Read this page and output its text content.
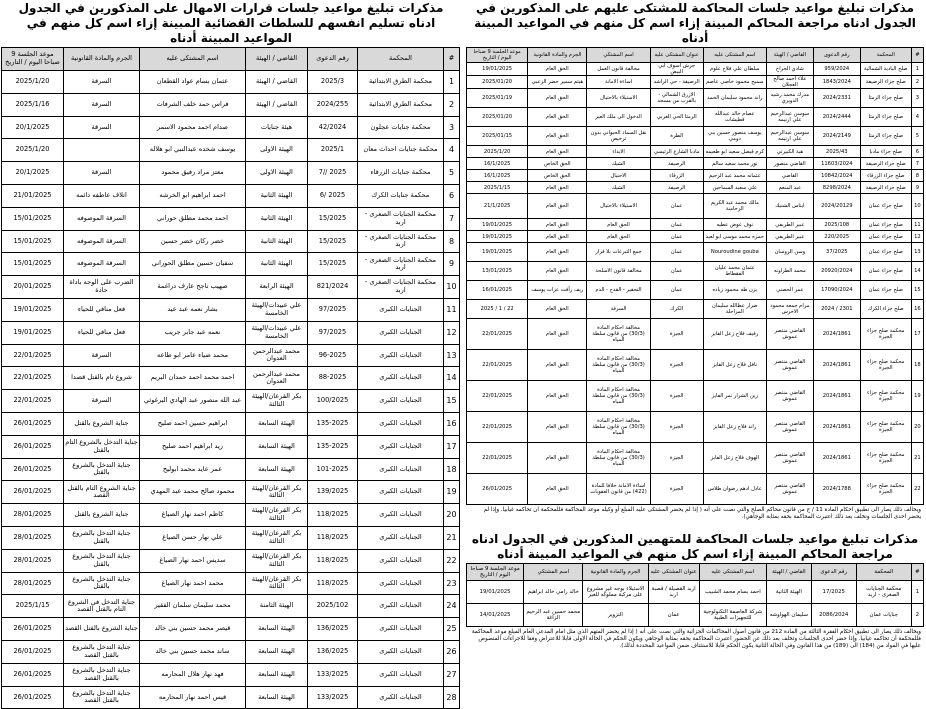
مذكرات تبليغ مواعيد جلسات قرارات الامهال على المذكورين في الجدول ادناه تسليم انفسهم للسلطات القضائية المبينة إزاء اسم كل منهم في المواعيد المبينة أدناه
#	المحكمة	رقم الدعوى	القاضي / الهيئة	اسم المشتكى عليه	الجرم والمادة القانونية	موعد الجلسة 9 صباحا اليوم / التاريخ
1	محكمة الطرق الابتدائية	2025/3	القاضي / الهيئة	عثمان بسام عواد القطعان	السرقة	2025/1/20
2	محكمة الطرق الابتدائية	2024/255	القاضي / الهيئة	فراس حمد خلف الشرفات	السرقة	2025/1/16
3	محكمة جنايات عجلون	42/2024	هيئة جنايات	صدام احمد محمود الاسمر	السرقة	20/1/2025
4	محكمة جنايات احداث معان	2025/1	الهيئة الاولى	يوسف شحده عبدالنبي ابو هلاله		2025/1/20
5	محكمة جنايات الزرقاء	2025 //7	الهيئة الاولى	معتز مراد رفيق محمود	السرقة	20/1/2025
6	محكمة جنايات الكرك	2025 /6	الهيئة الثانية	احمد ابراهيم ابو الخرشه	اتلاف عاطفه دائمه	21/01/2025
7	محكمة الجنايات الصغرى - اربد	15/2025	الهيئة الثانية	احمد محمد مطلق حوراني	السرقة الموصوفه	15/01/2025
8	محكمة الجنايات الصغرى - اربد	15/2025	الهيئة الثانية	خضر ركان خضر حسين	السرقة الموصوفه	15/01/2025
9	محكمة الجنايات الصغرى - اربد	15/2025	الهيئة الثانية	سفيان حسين مطلق الحوراني	السرقة الموصوفه	15/01/2025
10	محكمة الجنايات الصغرى - اربد	821/2024	الهيئة الرابعة	صهيب ناجح عارف دراغمة	الضرب على الوجه باداة حادة	20/01/2025
11	الجنايات الكبرى	97/2025	علي عبيدات/الهيئة الخامسة	بشار نعمه عبد عيد	فعل منافي للحياء	19/01/2025
12	الجنايات الكبرى	97/2025	علي عبيدات/الهيئة الخامسة	نعمه عبد جابر جريب	فعل منافي للحياء	19/01/2025
13	الجنايات الكبرى	96-2025	محمد عبدالرحمن العدوان	محمد ضياء عامر ابو طاعه	السرقة	22/01/2025
14	الجنايات الكبرى	88-2025	محمد عبدالرحمن العدوان	احمد محمد احمد حمدان البريم	شروع تام بالقتل قصدا	22/01/2025
15	الجنايات الكبرى	100/2025	بكر القرعان/الهيئة الثالثة	عبد الله منصور عبد الهادي البرغوثي	السرقة	22/01/2025
16	الجنايات الكبرى	135-2025	الهيئة السابعة	ابراهيم حسين احمد صليح	جناية الشروع بالقتل	26/01/2025
17	الجنايات الكبرى	135-2025	الهيئة السابعة	زيد ابراهيم احمد صليح	جناية التدخل بالشروع التام بالقتل	26/01/2025
18	الجنايات الكبرى	101-2025	الهيئة السابعة	عمر عايد محمد ابوليح	جناية التدخل بالشروع بالقتل	26/01/2025
19	الجنايات الكبرى	139/2025	بكر القرعان/الهيئة الثالثة	محمود صالح محمد عبد المهدي	جناية الشروع التام بالقتل القصد	26/01/2025
20	الجنايات الكبرى	118/2025	بكر القرعان/الهيئة الثالثة	كاظم احمد نهار الصياغ	جناية الشروع بالقتل	28/01/2025
21	الجنايات الكبرى	118/2025	بكر القرعان/الهيئة الثالثة	علي نهار حسن الصياغ	جناية التدخل بالشروع بالقتل	28/01/2025
22	الجنايات الكبرى	118/2025	بكر القرعان/الهيئة الثالثة	سديس احمد نهار الصياغ	جناية التدخل بالشروع بالقتل	28/01/2025
23	الجنايات الكبرى	118/2025	بكر القرعان/الهيئة الثالثة	محمد احمد نهار الصياغ	جناية التدخل بالشروع بالقتل	28/01/2025
24	الجنايات الكبرى	2025/102	الهيئة الثامنة	محمد سليمان سلمان الفقير	جناية التدخل في الشروع التام بالقتل القصد	2025/1/15
25	الجنايات الكبرى	136/2025	الهيئة السابعة	قيصر محمد حسين بني خالد	جناية الشروع بالقتل القصد	26/01/2025
26	الجنايات الكبرى	136/2025	الهيئة السابعة	ساند محمد حسين بني خالد	جناية التدخل بالشروع بالقتل القصد	26/01/2025
27	الجنايات الكبرى	133/2025	الهيئة السابعة	فهد نهار هلال المحارمه	جناية التدخل بالشروع بالقتل القصد	26/01/2025
28	الجنايات الكبرى	133/2025	الهيئة السابعة	قيس احمد نهار المحارمه	جناية التدخل بالشروع بالقتل القصد	26/01/2025
مذكرات تبليغ مواعيد جلسات المحاكمة للمشتكى عليهم على المذكورين في الجدول ادناه مراجعة المحاكم المبينة إزاء اسم كل منهم في المواعيد المبينة أدناه
#	المحكمة	رقم الدعوى	القاضي / الهيئة	اسم المشتكى عليه	عنوان المشتكى عليه	اسم المشتكي	الجرم والمادة القانونية	موعد الجلسة 9 صباحا اليوم / التاريخ
1	صلح البادية الشمالية	959/2024	شادي الجراح	سلطان علي فلاح علوم	جرش اسوف ابي البيض	مخالفة قانون العمل	الحق العام	19/01/2025
2	صلح جزاء الرصيفة	1843/2024	علاء احمد صالح العجلان	سميح محمود خاصي عاصم	الرصيفة - حي الراشد	اساءة الامانة	هيثم سمير خضر الزعبي	2025/01/20
3	صلح جزاء الرمثا	2024/2331	مدرك محمد رشيد الدويري	راند محمود سليمان الحمد	الازرق الشمالي - بالقرب من مسجد	الاستيلاء بالاحتيال	الحق العام	2025/01/19
4	صلح جزاء الرمثا	2024/2444	سوسن عبدالرحيم علي ارتيمه	عصام خالد عبدالله قطيشات	الرمثا الحي الغربي	الدخول الى ملك الغير	الحق العام	2025/01/20
5	صلح جزاء الرمثا	2024/2149	سوسن عبدالرحيم علي ارتيمه	يوسف منصور حسين بني دومي	الطرة	نقل السماد الحيواني بدون ترخيص	الحق العام	2025/01/15
6	صلح جزاء مادبا	2025/43	هبة الكبيرتي	كرم فيصل سعيد ابو طعيمه	مادبا الشارع الرئيسي	الايذاء	الحق العام	2025/1/20
7	صلح جزاء الرصيفة	11603/2024	القاضي منصور	نور محمد سعيد سالم	الرصيفة	الشيك	الحق الخاص	16/1/2025
8	صلح جزاء الزرقاء	10842/2024	القاضي	عثمانه محمد عبد الرحيم	الزرقاء	الاحتيال	الحق الخاص	16/1/2025
9	صلح جزاء الرصيفة	8298/2024	عبد المنعم	علي سعيد السماحين	الرصيفة	الشيك	الحق العام	2025/1/15
10	صلح جزاء عمان	2024/20129	ايناس الشنيك	مالك محمد عبد الكريم الرحامنة	عمان	الاستيلاء بالاحتيال	الحق العام	21/1/2025
11	صلح جزاء عمان	2025/108	عبير الطريفي	نوف عوض عطيه	عمان	الحق العام	الحق العام	19/01/2025
12	صلح جزاء عمان	220/2025	عبير الطريفي	حمزه محمد موسى ابو لعيد	عمان	الحق العام	الحق العام	19/01/2025
13	صلح جزاء عمان	37/2025	وسن الروسان	Nouroudine gouba	عمان	جمع التبرعات بلا قرار	الحق العام	19/01/2025
14	صلح جزاء عمان	20920/2024	محمد الطراونه	عثمان محمد عليان الفقطاط	عمان	مخالفة قانون الاسلحة	الحق العام	13/01/2025
15	صلح جزاء عمان	17090/2024	عمر الحصني	يزن طه محمود زياده	عمان	التحقير - القدح - الذم	ريف رأفت عزات يوسف	16/01/2025
16	صلح جزاء الكرك	2301 / 2024	مرام جمعه محمود الاخرس	ضرار عطالله سليمان المراحلة	الكرك	السرقة	الحق العام	22 / 1 / 2025
17	محكمة صلح جزاء الجيزة	2024/1861	القاضي منتصر عموش	رفيف فلاح زعل الفايز	الجيزة	مخالفة احكام المادة (30/3) من قانون سلطة المياه	الحق العام	22/01/2025
18	محكمة صلح جزاء الجيزة	2024/1861	القاضي منتصر عموش	نافل فلاح زعل الفايز	الجيزة	مخالفة احكام المادة (30/3) من قانون سلطة المياه	الحق العام	22/01/2025
19	محكمة صلح جزاء الجيزة	2024/1861	القاضي منتصر عموش	زين الشرار نمر الفايز	الجيزة	مخالفة احكام المادة (30/3) من قانون سلطة المياه	الحق العام	22/01/2025
20	محكمة صلح جزاء الجيزة	2024/1861	القاضي منتصر عموش	راند فلاح زعل الفايز	الجيزة	مخالفة احكام المادة (30/3) من قانون سلطة المياه	الحق العام	22/01/2025
21	محكمة صلح جزاء الجيزة	2024/1861	القاضي منتصر عموش	الهوف فلاح زعل الفايز	الجيزة	مخالفة احكام المادة (30/3) من قانون سلطة المياه	الحق العام	22/01/2025
22	محكمة صلح جزاء الجيزة	2024/1788	القاضي منتصر عموش	عادل ادهم رضوان طلاس	الجيزة	اساءة الامانة خلافا للمادة (422) من قانون العقوبات	الحق العام	26/01/2025
ويخالف ذلك يصار الى تطبيق احكام المادة 11 / ج من قانون محاكم الصلح والتي نصت على أنه ( إذا لم يحضر المشتكى عليه المبلغ أو وكيله موعد المحاكمة فللمحكمة ان تحاكمه غيابيا. وإذا لم يحضر احدى الجلسات وتخلف بعد ذلك اعتبرت المحاكمة بحقه بمثابة الوجاهي).
مذكرات تبليغ مواعيد جلسات المحاكمة للمتهمين المذكورين في الجدول ادناه مراجعة المحاكم المبينة إزاء اسم كل منهم في المواعيد المبينة أدناه
#	المحكمة	رقم الدعوى	القاضي / الهيئة	اسم المشتكى عليه	عنوان المشتكى عليه	الجرم والمادة القانونية	اسم المشتكي	موعد الجلسة 9 صباحا اليوم / التاريخ
1	محكمة الجنايات الصغرى - اربد	17/2025	الهيئة الثانية	احمد بسام محمد الشبيب	اربد القصيلة / قصبة اربد	الاستيلاء بوجه غير مشروع على مركبة مملوكه للغير	خالد رامي خالد ابراهيم	19/01/2025
2	جنايات عمان	2086/2024	سليمان الهواوشه	شركة العاصمة التكنولوجية للتجهيزات الطبية	عمان	التزوير	محمد حسين عبد الرحيم الزاغة	14/01/2025
ويخالف ذلك يصار الى تطبيق احكام الفقرة الثالثة من المادة 212 من قانون أصول المحاكمات الجزائية والتي نصت على أنه ( إذا لم يحضر المتهم الذي مثل امام المدعي العام المبلغ موعد المحاكمة فللمحكمة أن تحاكمه غيابيا. وإذا حضر احدى الجلسات وتخلف بعد ذلك عن الحضور اعتبرت المحاكمة بحقه بمثابة الوجاهي ويكون الحكم في الحالة الاولى قابلا للاعتراض وفقا للاجراءات المنصوص عليها في المواد من (184) الى (189) من هذا القانون وفي الحالة الثانية يكون الحكم قابلا للاستئناف ضمن المواعيد المحددة لذلك).
